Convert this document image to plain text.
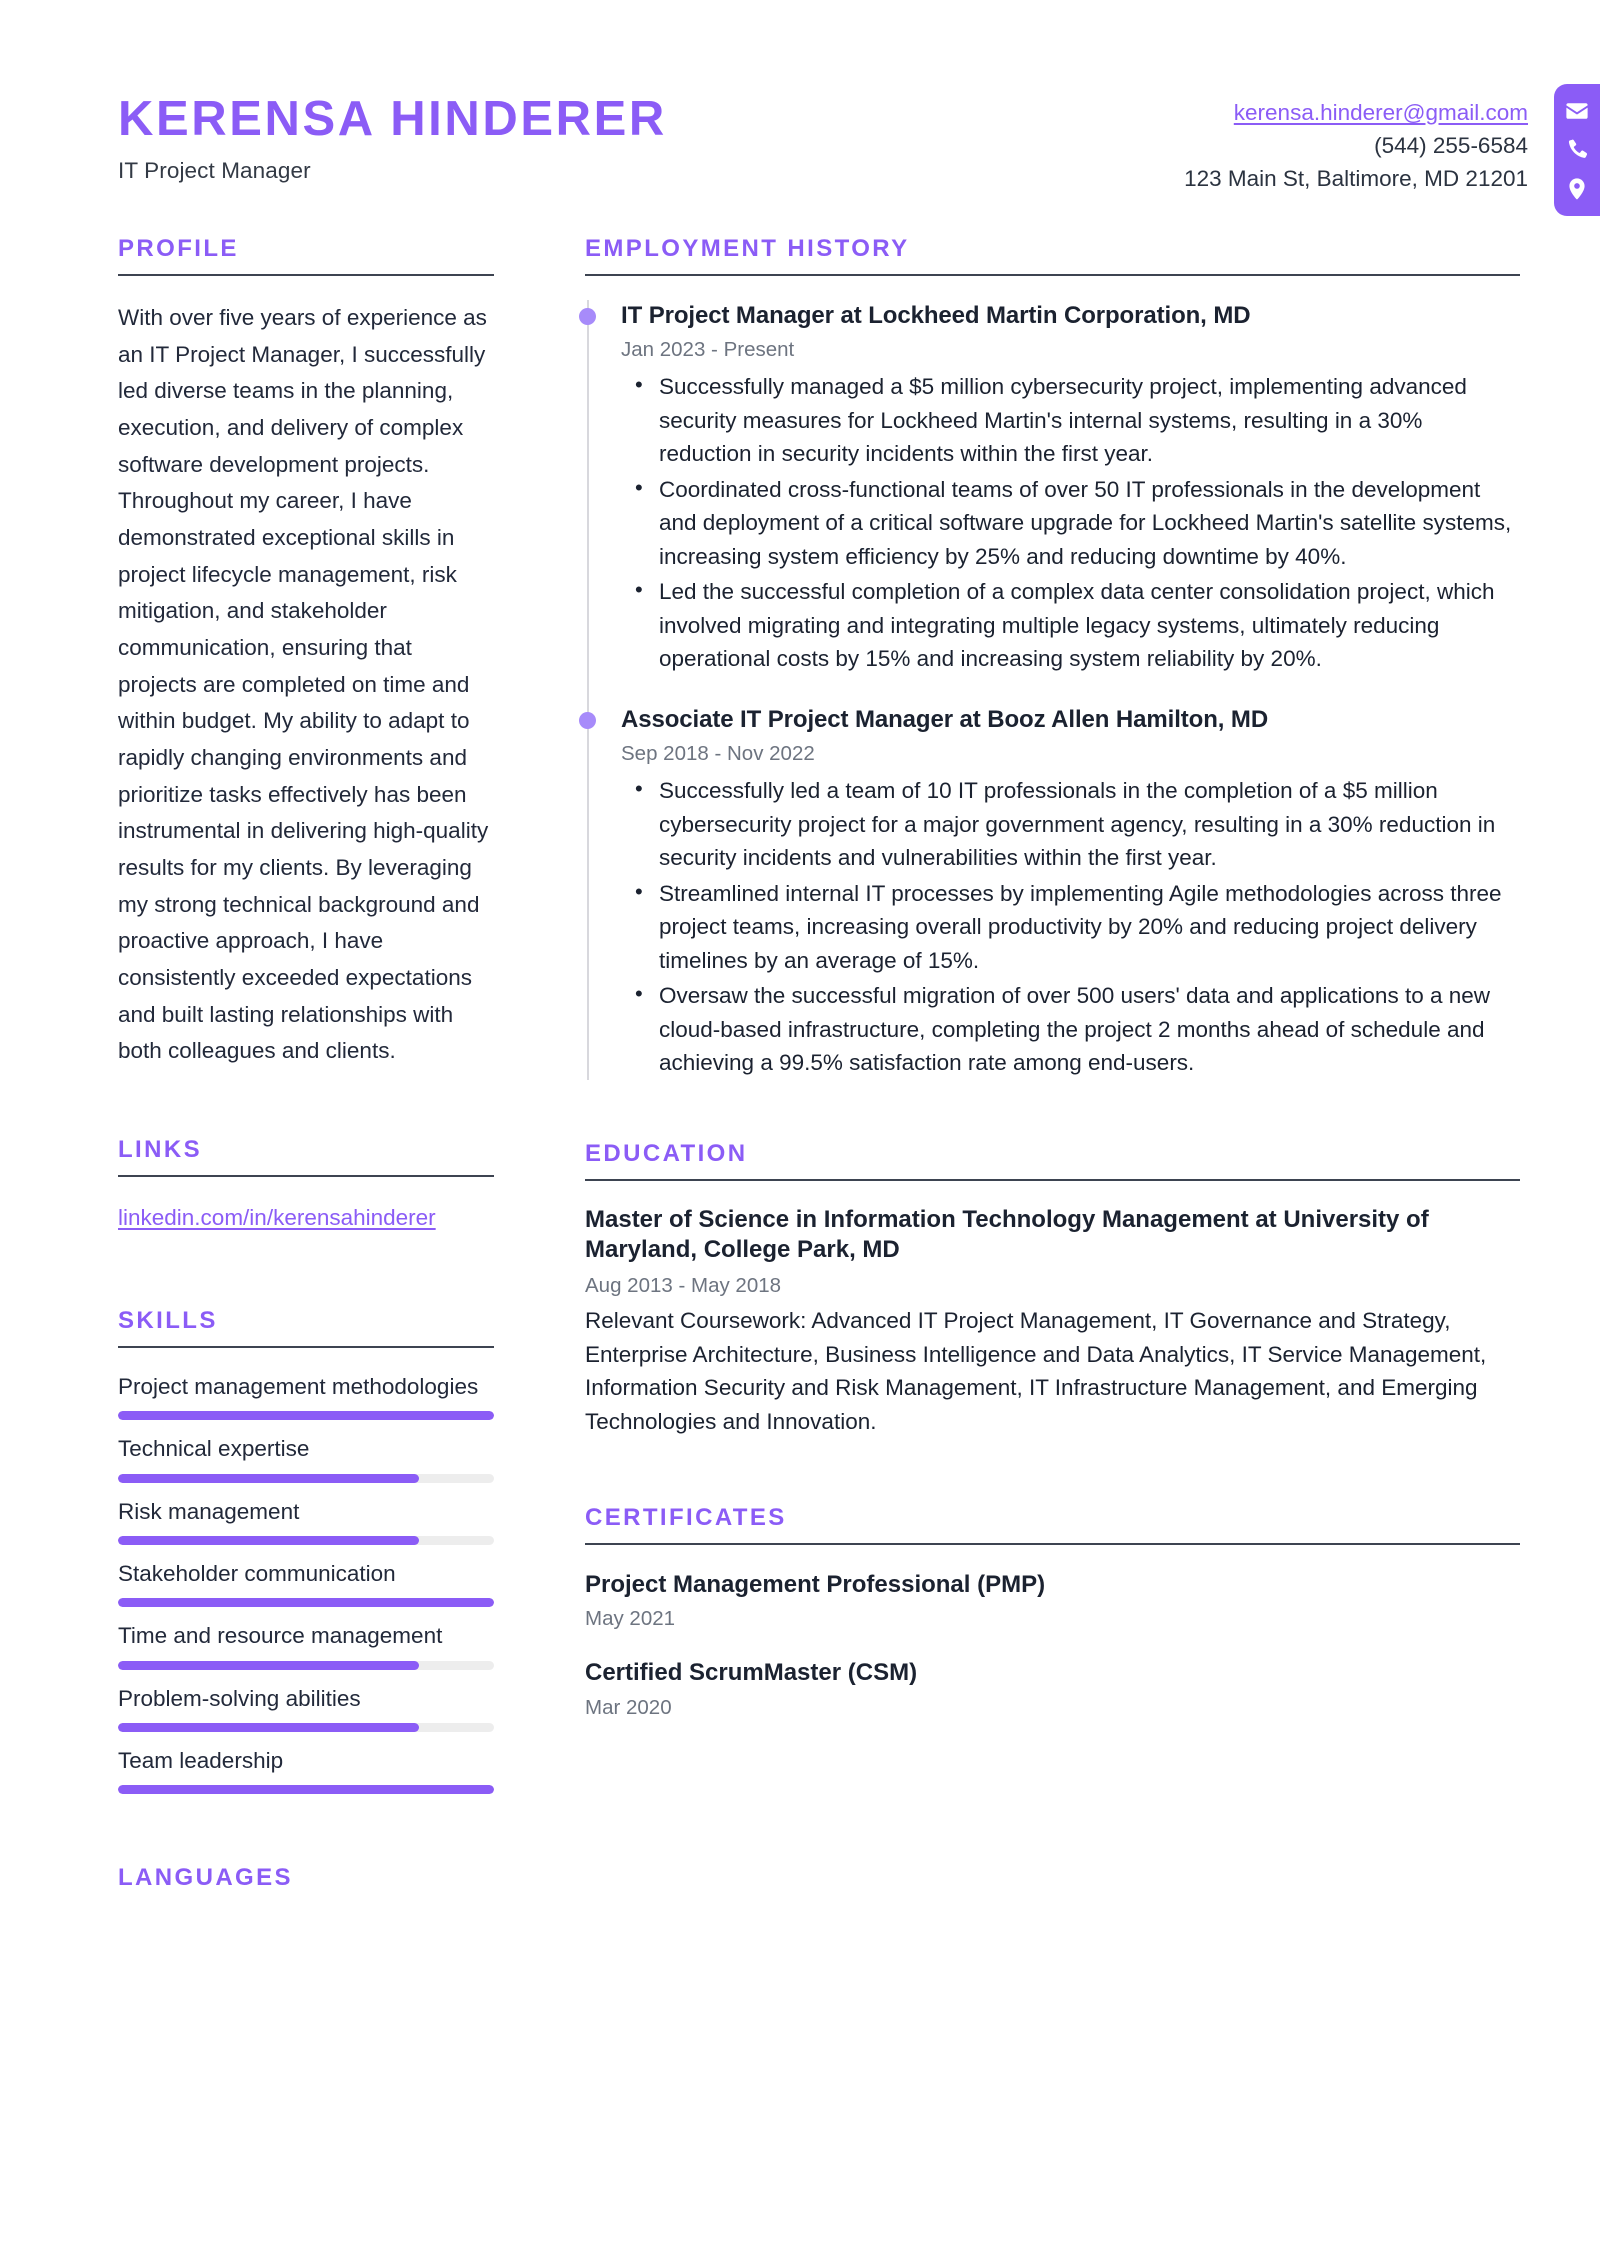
KERENSA HINDERER
IT Project Manager
kerensa.hinderer@gmail.com
(544) 255-6584
123 Main St, Baltimore, MD 21201
PROFILE
With over five years of experience as an IT Project Manager, I successfully led diverse teams in the planning, execution, and delivery of complex software development projects. Throughout my career, I have demonstrated exceptional skills in project lifecycle management, risk mitigation, and stakeholder communication, ensuring that projects are completed on time and within budget. My ability to adapt to rapidly changing environments and prioritize tasks effectively has been instrumental in delivering high-quality results for my clients. By leveraging my strong technical background and proactive approach, I have consistently exceeded expectations and built lasting relationships with both colleagues and clients.
LINKS
linkedin.com/in/kerensahinderer
SKILLS
Project management methodologies
Technical expertise
Risk management
Stakeholder communication
Time and resource management
Problem-solving abilities
Team leadership
LANGUAGES
EMPLOYMENT HISTORY
IT Project Manager at Lockheed Martin Corporation, MD
Jan 2023 - Present
• Successfully managed a $5 million cybersecurity project, implementing advanced security measures for Lockheed Martin's internal systems, resulting in a 30% reduction in security incidents within the first year.
• Coordinated cross-functional teams of over 50 IT professionals in the development and deployment of a critical software upgrade for Lockheed Martin's satellite systems, increasing system efficiency by 25% and reducing downtime by 40%.
• Led the successful completion of a complex data center consolidation project, which involved migrating and integrating multiple legacy systems, ultimately reducing operational costs by 15% and increasing system reliability by 20%.
Associate IT Project Manager at Booz Allen Hamilton, MD
Sep 2018 - Nov 2022
• Successfully led a team of 10 IT professionals in the completion of a $5 million cybersecurity project for a major government agency, resulting in a 30% reduction in security incidents and vulnerabilities within the first year.
• Streamlined internal IT processes by implementing Agile methodologies across three project teams, increasing overall productivity by 20% and reducing project delivery timelines by an average of 15%.
• Oversaw the successful migration of over 500 users' data and applications to a new cloud-based infrastructure, completing the project 2 months ahead of schedule and achieving a 99.5% satisfaction rate among end-users.
EDUCATION
Master of Science in Information Technology Management at University of Maryland, College Park, MD
Aug 2013 - May 2018
Relevant Coursework: Advanced IT Project Management, IT Governance and Strategy, Enterprise Architecture, Business Intelligence and Data Analytics, IT Service Management, Information Security and Risk Management, IT Infrastructure Management, and Emerging Technologies and Innovation.
CERTIFICATES
Project Management Professional (PMP)
May 2021
Certified ScrumMaster (CSM)
Mar 2020
